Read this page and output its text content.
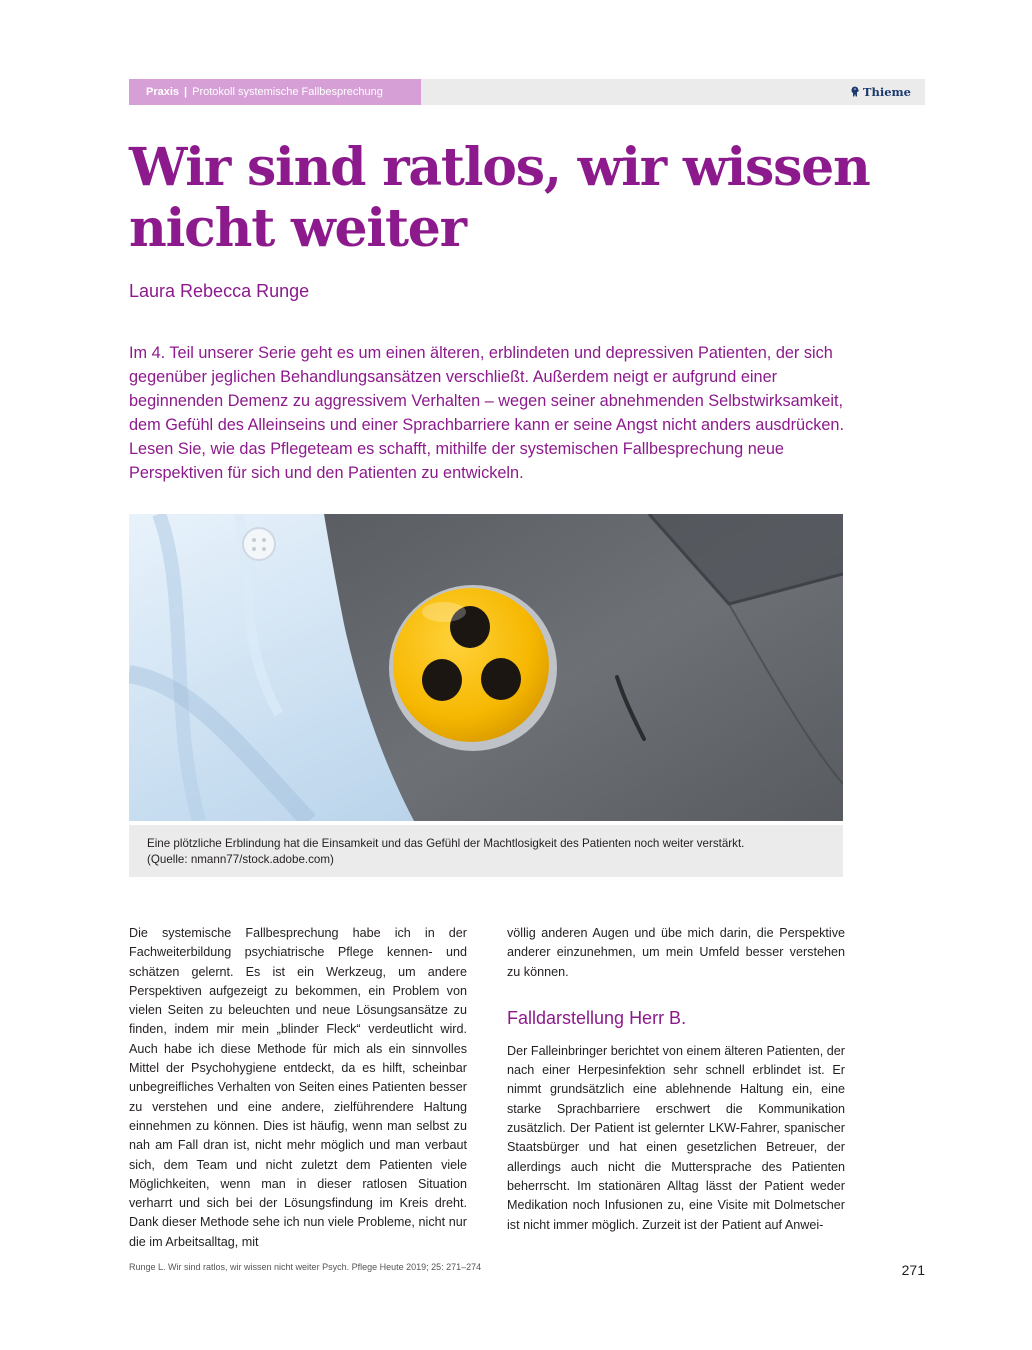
Praxis | Protokoll systemische Fallbesprechung	Thieme
Wir sind ratlos, wir wissen nicht weiter
Laura Rebecca Runge

Im 4. Teil unserer Serie geht es um einen älteren, erblindeten und depressiven Patienten, der sich gegenüber jeglichen Behandlungsansätzen verschließt. Außerdem neigt er aufgrund einer beginnenden Demenz zu aggressivem Verhalten – wegen seiner abnehmenden Selbstwirksamkeit, dem Gefühl des Alleinseins und einer Sprachbarriere kann er seine Angst nicht anders ausdrücken. Lesen Sie, wie das Pflegeteam es schafft, mithilfe der systemischen Fallbesprechung neue Perspektiven für sich und den Patienten zu entwickeln.

Eine plötzliche Erblindung hat die Einsamkeit und das Gefühl der Machtlosigkeit des Patienten noch weiter verstärkt.
(Quelle: nmann77/stock.adobe.com)

Die systemische Fallbesprechung habe ich in der Fachweiterbildung psychiatrische Pflege kennen- und schätzen gelernt. Es ist ein Werkzeug, um andere Perspektiven aufgezeigt zu bekommen, ein Problem von vielen Seiten zu beleuchten und neue Lösungsansätze zu finden, indem mir mein „blinder Fleck“ verdeutlicht wird. Auch habe ich diese Methode für mich als ein sinnvolles Mittel der Psychohygiene entdeckt, da es hilft, scheinbar unbegreifliches Verhalten von Seiten eines Patienten besser zu verstehen und eine andere, zielführendere Haltung einnehmen zu können. Dies ist häufig, wenn man selbst zu nah am Fall dran ist, nicht mehr möglich und man verbaut sich, dem Team und nicht zuletzt dem Patienten viele Möglichkeiten, wenn man in dieser ratlosen Situation verharrt und sich bei der Lösungsfindung im Kreis dreht. Dank dieser Methode sehe ich nun viele Probleme, nicht nur die im Arbeitsalltag, mit

völlig anderen Augen und übe mich darin, die Perspektive anderer einzunehmen, um mein Umfeld besser verstehen zu können.

Falldarstellung Herr B.

Der Falleinbringer berichtet von einem älteren Patienten, der nach einer Herpesinfektion sehr schnell erblindet ist. Er nimmt grundsätzlich eine ablehnende Haltung ein, eine starke Sprachbarriere erschwert die Kommunikation zusätzlich. Der Patient ist gelernter LKW-Fahrer, spanischer Staatsbürger und hat einen gesetzlichen Betreuer, der allerdings auch nicht die Muttersprache des Patienten beherrscht. Im stationären Alltag lässt der Patient weder Medikation noch Infusionen zu, eine Visite mit Dolmetscher ist nicht immer möglich. Zurzeit ist der Patient auf Anwei-

Runge L. Wir sind ratlos, wir wissen nicht weiter Psych. Pflege Heute 2019; 25: 271–274	271
